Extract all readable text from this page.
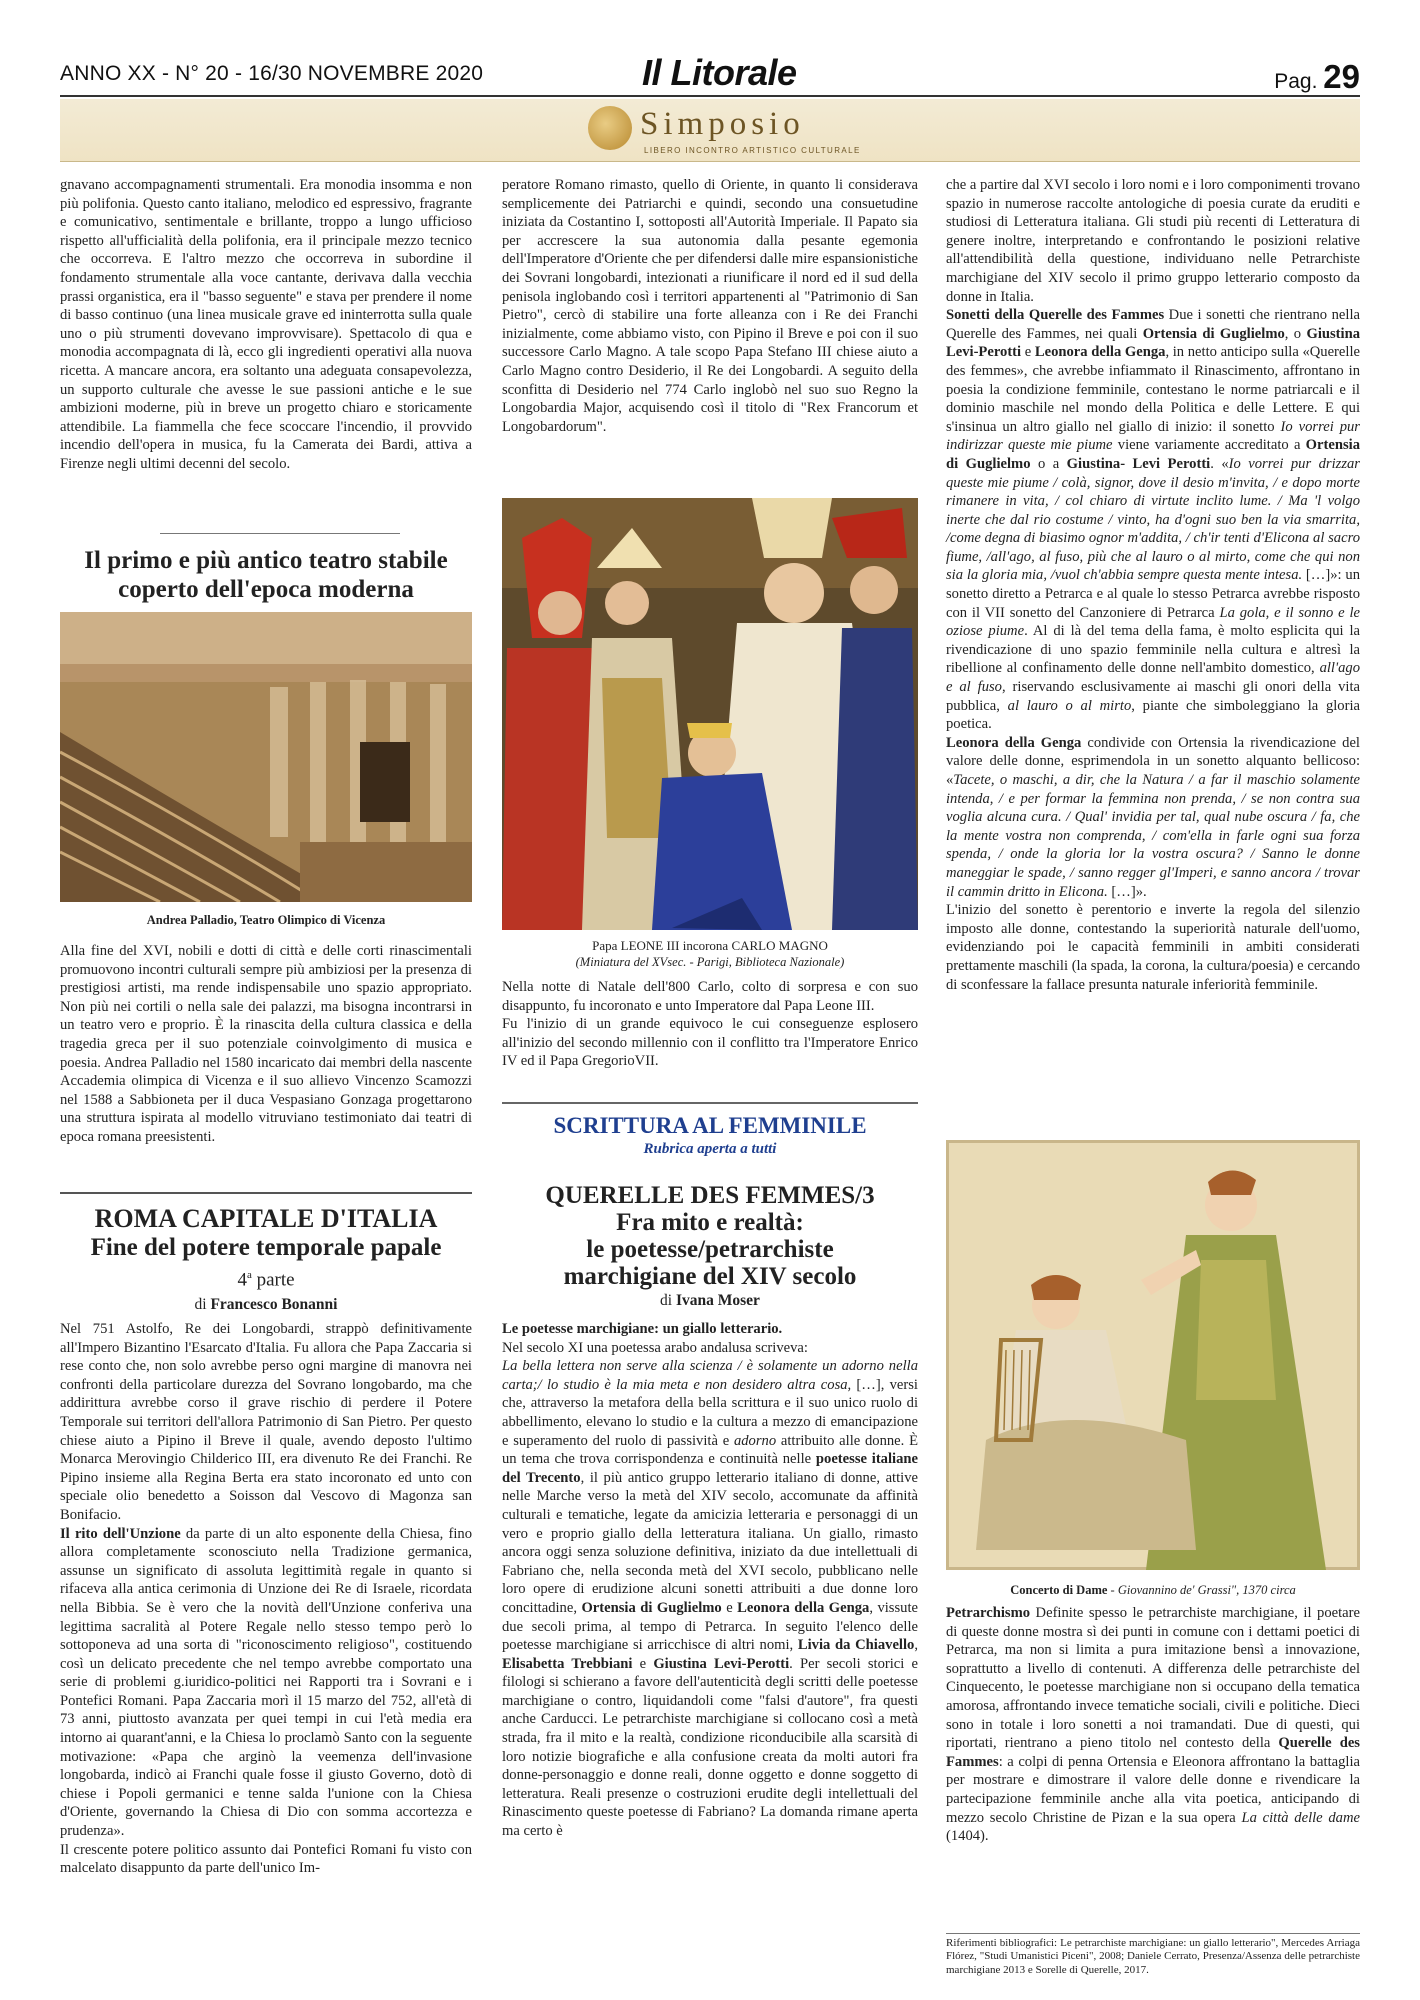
ANNO XX - N° 20 - 16/30 NOVEMBRE 2020	Il Litorale	Pag. 29
Simposio
LIBERO INCONTRO ARTISTICO CULTURALE

gnavano accompagnamenti strumentali. Era monodia insomma e non più polifonia. Questo canto italiano, melodico ed espressivo, fragrante e comunicativo, sentimentale e brillante, troppo a lungo ufficioso rispetto all'ufficialità della polifonia, era il principale mezzo tecnico che occorreva. E l'altro mezzo che occorreva in subordine il fondamento strumentale alla voce cantante, derivava dalla vecchia prassi organistica, era il "basso seguente" e stava per prendere il nome di basso continuo (una linea musicale grave ed ininterrotta sulla quale uno o più strumenti dovevano improvvisare). Spettacolo di qua e monodia accompagnata di là, ecco gli ingredienti operativi alla nuova ricetta. A mancare ancora, era soltanto una adeguata consapevolezza, un supporto culturale che avesse le sue passioni antiche e le sue ambizioni moderne, più in breve un progetto chiaro e storicamente attendibile. La fiammella che fece scoccare l'incendio, il provvido incendio dell'opera in musica, fu la Camerata dei Bardi, attiva a Firenze negli ultimi decenni del secolo.

Il primo e più antico teatro stabile coperto dell'epoca moderna

Andrea Palladio, Teatro Olimpico di Vicenza

Alla fine del XVI, nobili e dotti di città e delle corti rinascimentali promuovono incontri culturali sempre più ambiziosi per la presenza di prestigiosi artisti, ma rende indispensabile uno spazio appropriato. Non più nei cortili o nella sale dei palazzi, ma bisogna incontrarsi in un teatro vero e proprio. È la rinascita della cultura classica e della tragedia greca per il suo potenziale coinvolgimento di musica e poesia. Andrea Palladio nel 1580 incaricato dai membri della nascente Accademia olimpica di Vicenza e il suo allievo Vincenzo Scamozzi nel 1588 a Sabbioneta per il duca Vespasiano Gonzaga progettarono una struttura ispirata al modello vitruviano testimoniato dai teatri di epoca romana preesistenti.

ROMA CAPITALE D'ITALIA

Fine del potere temporale papale

4$^a$ parte

di Francesco Bonanni

Nel 751 Astolfo, Re dei Longobardi, strappò definitivamente all'Impero Bizantino l'Esarcato d'Italia. Fu allora che Papa Zaccaria si rese conto che, non solo avrebbe perso ogni margine di manovra nei confronti della particolare durezza del Sovrano longobardo, ma che addirittura avrebbe corso il grave rischio di perdere il Potere Temporale sui territori dell'allora Patrimonio di San Pietro. Per questo chiese aiuto a Pipino il Breve il quale, avendo deposto l'ultimo Monarca Merovingio Childerico III, era divenuto Re dei Franchi. Re Pipino insieme alla Regina Berta era stato incoronato ed unto con speciale olio benedetto a Soisson dal Vescovo di Magonza san Bonifacio.

Il rito dell'Unzione da parte di un alto esponente della Chiesa, fino allora completamente sconosciuto nella Tradizione germanica, assunse un significato di assoluta legittimità regale in quanto si rifaceva alla antica cerimonia di Unzione dei Re di Israele, ricordata nella Bibbia. Se è vero che la novità dell'Unzione conferiva una legittima sacralità al Potere Regale nello stesso tempo però lo sottoponeva ad una sorta di "riconoscimento religioso", costituendo così un delicato precedente che nel tempo avrebbe comportato una serie di problemi g.iuridico-politici nei Rapporti tra i Sovrani e i Pontefici Romani. Papa Zaccaria morì il 15 marzo del 752, all'età di 73 anni, piuttosto avanzata per quei tempi in cui l'età media era intorno ai quarant'anni, e la Chiesa lo proclamò Santo con la seguente motivazione: «Papa che arginò la veemenza dell'invasione longobarda, indicò ai Franchi quale fosse il giusto Governo, dotò di chiese i Popoli germanici e tenne salda l'unione con la Chiesa d'Oriente, governando la Chiesa di Dio con somma accortezza e prudenza».

Il crescente potere politico assunto dai Pontefici Romani fu visto con malcelato disappunto da parte dell'unico Im-

peratore Romano rimasto, quello di Oriente, in quanto li considerava semplicemente dei Patriarchi e quindi, secondo una consuetudine iniziata da Costantino I, sottoposti all'Autorità Imperiale. Il Papato sia per accrescere la sua autonomia dalla pesante egemonia dell'Imperatore d'Oriente che per difendersi dalle mire espansionistiche dei Sovrani longobardi, intezionati a riunificare il nord ed il sud della penisola inglobando così i territori appartenenti al "Patrimonio di San Pietro", cercò di stabilire una forte alleanza con i Re dei Franchi inizialmente, come abbiamo visto, con Pipino il Breve e poi con il suo successore Carlo Magno. A tale scopo Papa Stefano III chiese aiuto a Carlo Magno contro Desiderio, il Re dei Longobardi. A seguito della sconfitta di Desiderio nel 774 Carlo inglobò nel suo suo Regno la Longobardia Major, acquisendo così il titolo di "Rex Francorum et Longobardorum".

Papa LEONE III incorona CARLO MAGNO

(Miniatura del XVsec. - Parigi, Biblioteca Nazionale)

Nella notte di Natale dell'800 Carlo, colto di sorpresa e con suo disappunto, fu incoronato e unto Imperatore dal Papa Leone III.

Fu l'inizio di un grande equivoco le cui conseguenze esplosero all'inizio del secondo millennio con il conflitto tra l'Imperatore Enrico IV ed il Papa GregorioVII.

SCRITTURA AL FEMMINILE

Rubrica aperta a tutti

QUERELLE DES FEMMES/3

Fra mito e realtà:

le poetesse/petrarchiste

marchigiane del XIV secolo

di Ivana Moser

Le poetesse marchigiane: un giallo letterario.

Nel secolo XI una poetessa arabo andalusa scriveva:
La bella lettera non serve alla scienza / è solamente un adorno nella carta;/ lo studio è la mia meta e non desidero altra cosa, […], versi che, attraverso la metafora della bella scrittura e il suo unico ruolo di abbellimento, elevano lo studio e la cultura a mezzo di emancipazione e superamento del ruolo di passività e adorno attribuito alle donne. È un tema che trova corrispondenza e continuità nelle poetesse italiane del Trecento, il più antico gruppo letterario italiano di donne, attive nelle Marche verso la metà del XIV secolo, accomunate da affinità culturali e tematiche, legate da amicizia letteraria e personaggi di un vero e proprio giallo della letteratura italiana. Un giallo, rimasto ancora oggi senza soluzione definitiva, iniziato da due intellettuali di Fabriano che, nella seconda metà del XVI secolo, pubblicano nelle loro opere di erudizione alcuni sonetti attribuiti a due donne loro concittadine, Ortensia di Guglielmo e Leonora della Genga, vissute due secoli prima, al tempo di Petrarca. In seguito l'elenco delle poetesse marchigiane si arricchisce di altri nomi, Livia da Chiavello, Elisabetta Trebbiani e Giustina Levi-Perotti. Per secoli storici e filologi si schierano a favore dell'autenticità degli scritti delle poetesse marchigiane o contro, liquidandoli come "falsi d'autore", fra questi anche Carducci. Le petrarchiste marchigiane si collocano così a metà strada, fra il mito e la realtà, condizione riconducibile alla scarsità di loro notizie biografiche e alla confusione creata da molti autori fra donne-personaggio e donne reali, donne oggetto e donne soggetto di letteratura. Reali presenze o costruzioni erudite degli intellettuali del Rinascimento queste poetesse di Fabriano? La domanda rimane aperta ma certo è

che a partire dal XVI secolo i loro nomi e i loro componimenti trovano spazio in numerose raccolte antologiche di poesia curate da eruditi e studiosi di Letteratura italiana. Gli studi più recenti di Letteratura di genere inoltre, interpretando e confrontando le posizioni relative all'attendibilità della questione, individuano nelle Petrarchiste marchigiane del XIV secolo il primo gruppo letterario composto da donne in Italia.

Sonetti della Querelle des Fammes Due i sonetti che rientrano nella Querelle des Fammes, nei quali Ortensia di Guglielmo, o Giustina Levi-Perotti e Leonora della Genga, in netto anticipo sulla «Querelle des femmes», che avrebbe infiammato il Rinascimento, affrontano in poesia la condizione femminile, contestano le norme patriarcali e il dominio maschile nel mondo della Politica e delle Lettere. E qui s'insinua un altro giallo nel giallo di inizio: il sonetto Io vorrei pur indirizzar queste mie piume viene variamente accreditato a Ortensia di Guglielmo o a Giustina- Levi Perotti. «Io vorrei pur drizzar queste mie piume / colà, signor, dove il desio m'invita, / e dopo morte rimanere in vita, / col chiaro di virtute inclito lume. / Ma 'l volgo inerte che dal rio costume / vinto, ha d'ogni suo ben la via smarrita, /come degna di biasimo ognor m'addita, / ch'ir tenti d'Elicona al sacro fiume, /all'ago, al fuso, più che al lauro o al mirto, come che qui non sia la gloria mia, /vuol ch'abbia sempre questa mente intesa. […]»: un sonetto diretto a Petrarca e al quale lo stesso Petrarca avrebbe risposto con il VII sonetto del Canzoniere di Petrarca La gola, e il sonno e le oziose piume. Al di là del tema della fama, è molto esplicita qui la rivendicazione di uno spazio femminile nella cultura e altresì la ribellione al confinamento delle donne nell'ambito domestico, all'ago e al fuso, riservando esclusivamente ai maschi gli onori della vita pubblica, al lauro o al mirto, piante che simboleggiano la gloria poetica.

Leonora della Genga condivide con Ortensia la rivendicazione del valore delle donne, esprimendola in un sonetto alquanto bellicoso: «Tacete, o maschi, a dir, che la Natura / a far il maschio solamente intenda, / e per formar la femmina non prenda, / se non contra sua voglia alcuna cura. / Qual' invidia per tal, qual nube oscura / fa, che la mente vostra non comprenda, / com'ella in farle ogni sua forza spenda, / onde la gloria lor la vostra oscura? / Sanno le donne maneggiar le spade, / sanno regger gl'Imperi, e sanno ancora / trovar il cammin dritto in Elicona. […]».

L'inizio del sonetto è perentorio e inverte la regola del silenzio imposto alle donne, contestando la superiorità naturale dell'uomo, evidenziando poi le capacità femminili in ambiti considerati prettamente maschili (la spada, la corona, la cultura/poesia) e cercando di sconfessare la fallace presunta naturale inferiorità femminile.

Concerto di Dame - Giovannino de' Grassi", 1370 circa

Petrarchismo Definite spesso le petrarchiste marchigiane, il poetare di queste donne mostra sì dei punti in comune con i dettami poetici di Petrarca, ma non si limita a pura imitazione bensì a innovazione, soprattutto a livello di contenuti. A differenza delle petrarchiste del Cinquecento, le poetesse marchigiane non si occupano della tematica amorosa, affrontando invece tematiche sociali, civili e politiche. Dieci sono in totale i loro sonetti a noi tramandati. Due di questi, qui riportati, rientrano a pieno titolo nel contesto della Querelle des Fammes: a colpi di penna Ortensia e Eleonora affrontano la battaglia per mostrare e dimostrare il valore delle donne e rivendicare la partecipazione femminile anche alla vita poetica, anticipando di mezzo secolo Christine de Pizan e la sua opera La città delle dame (1404).

Riferimenti bibliografici: Le petrarchiste marchigiane: un giallo letterario", Mercedes Arriaga Flórez, "Studi Umanistici Piceni", 2008; Daniele Cerrato, Presenza/Assenza delle petrarchiste marchigiane 2013 e Sorelle di Querelle, 2017.
